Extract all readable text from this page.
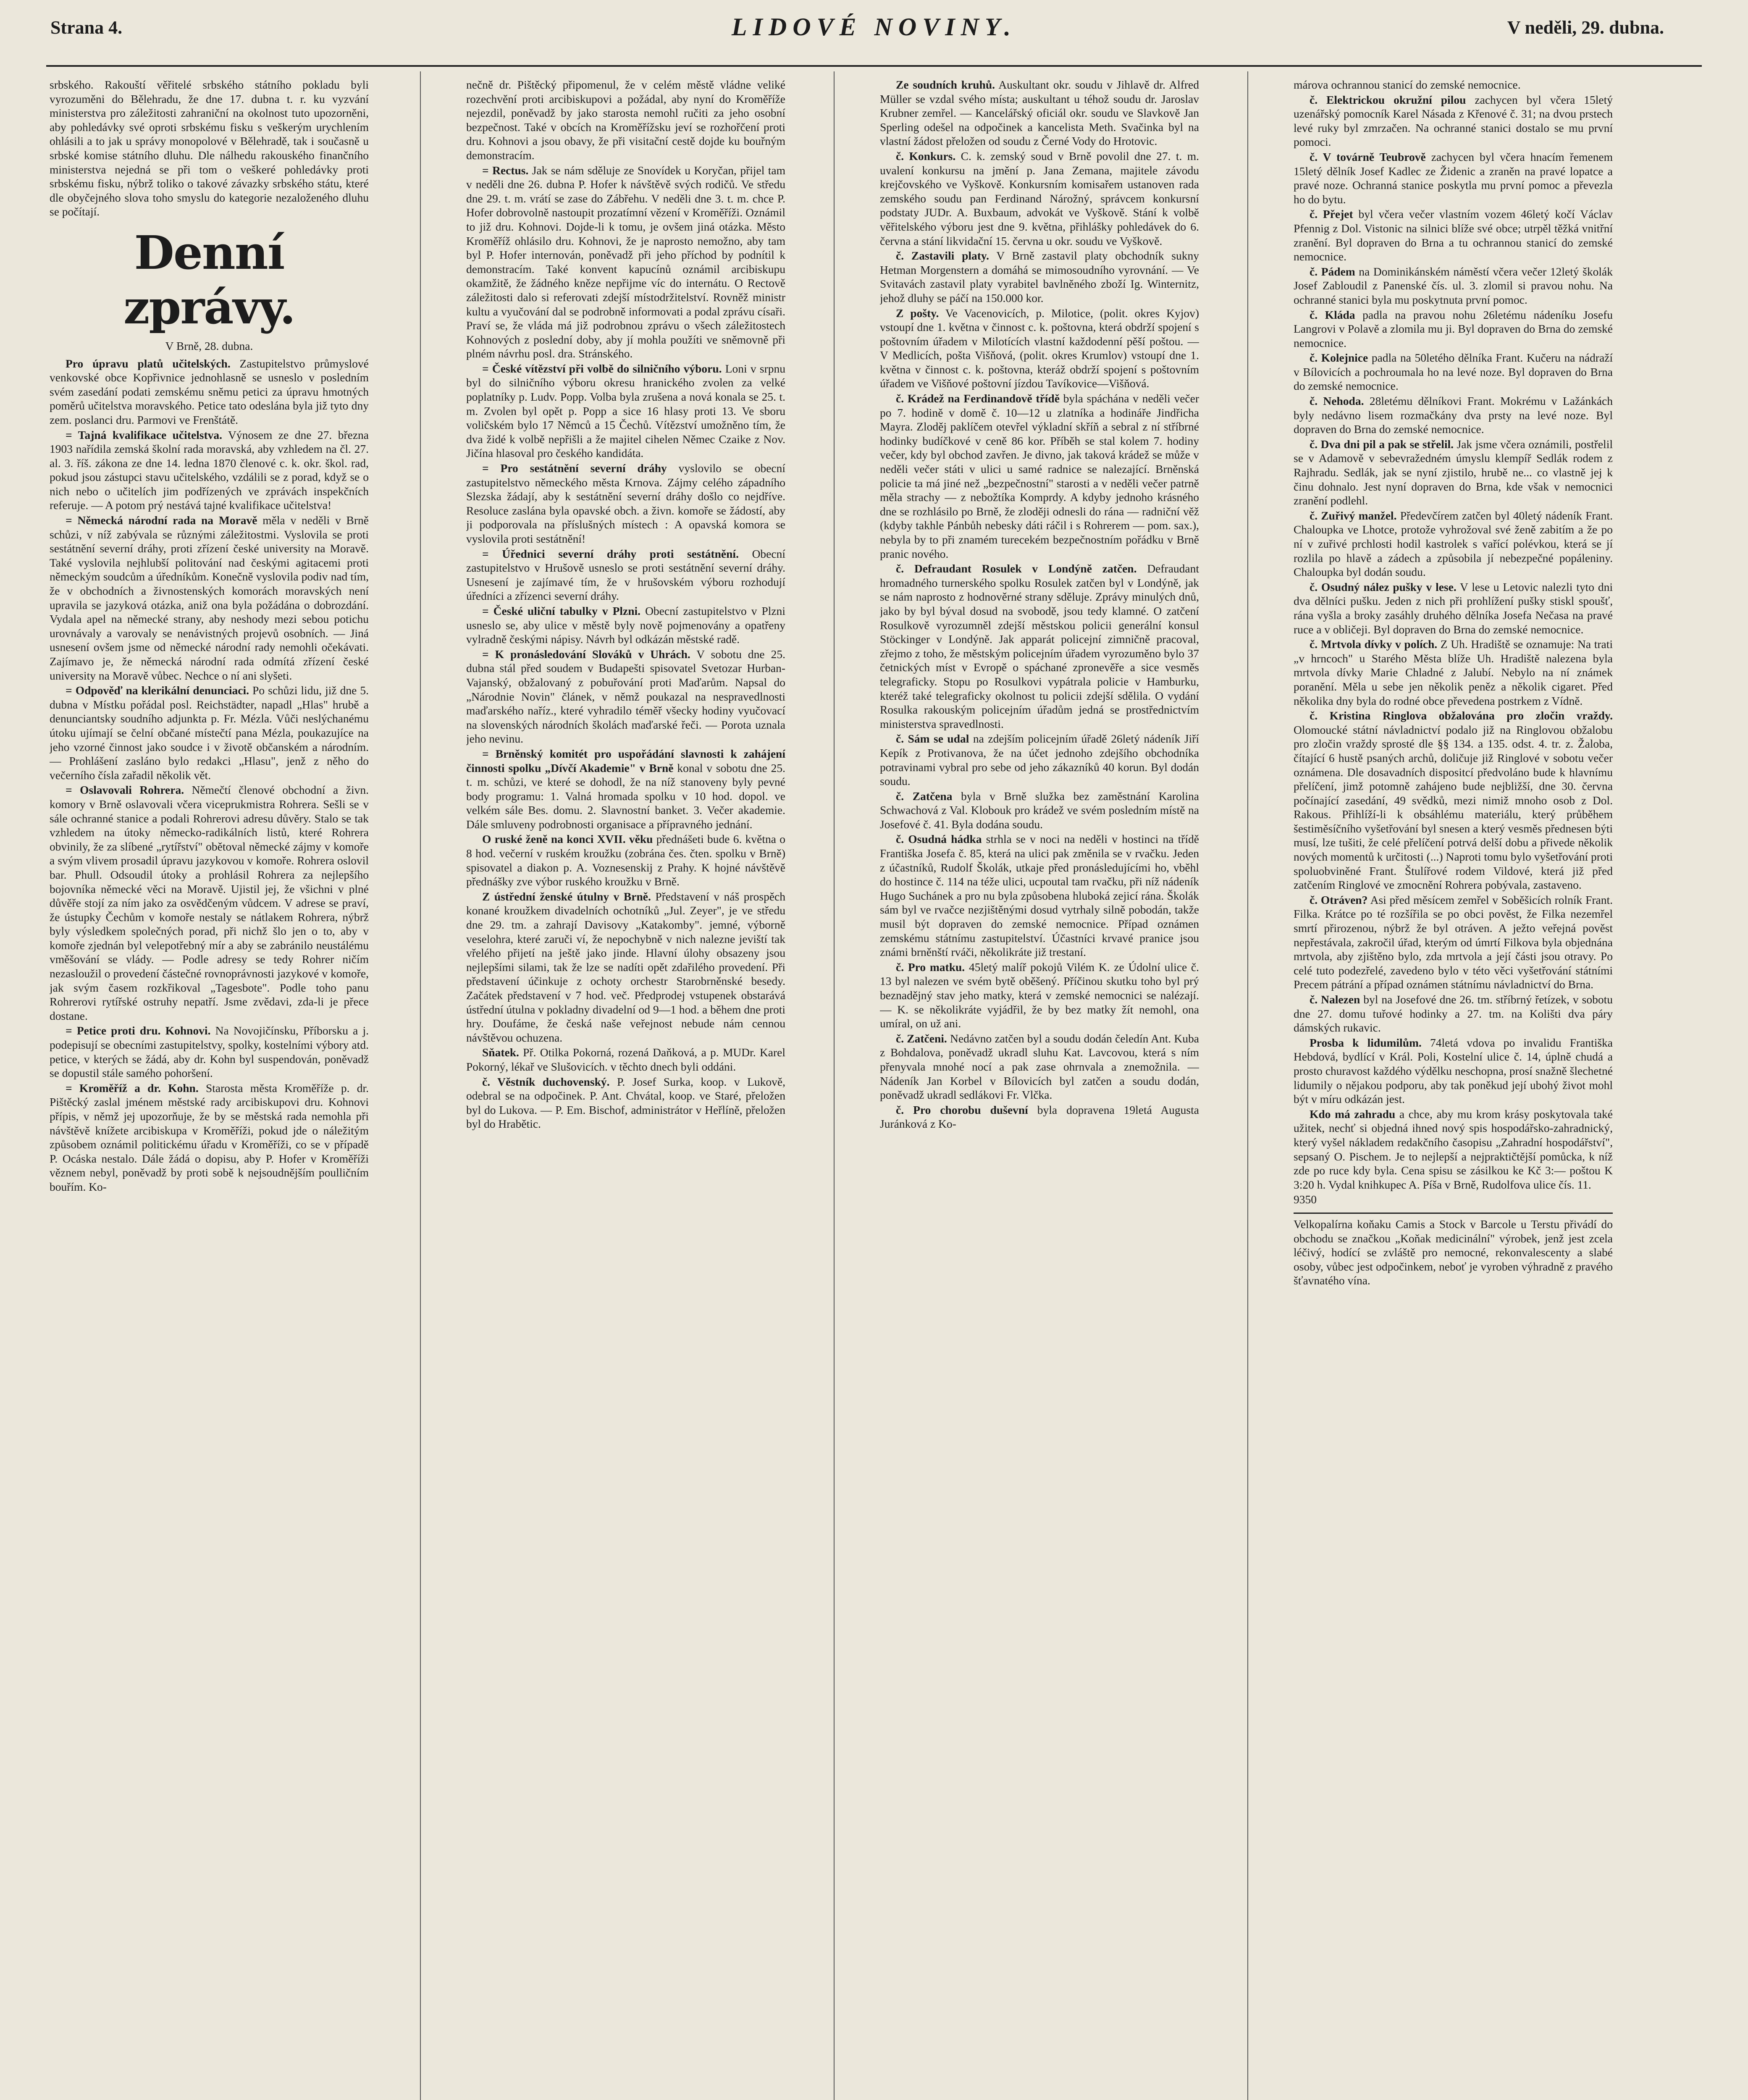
Strana 4.	LIDOVÉ NOVINY.	V neděli, 29. dubna.

srbského. Rakouští věřitelé srbského státního pokladu byli vyrozuměni do Bělehradu, že dne 17. dubna t. r. ku vyzvání ministerstva pro záležitosti zahraniční na okolnost tuto upozorněni, aby pohledávky své oproti srbskému fisku s veškerým urychlením ohlásili a to jak u správy monopolové v Bělehradě, tak i současně u srbské komise státního dluhu. Dle nálhedu rakouského finančního ministerstva nejedná se při tom o veškeré pohledávky proti srbskému fisku, nýbrž toliko o takové závazky srbského státu, které dle obyčejného slova toho smyslu do kategorie nezaloženého dluhu se počítají.

Denní zprávy.

V Brně, 28. dubna.

Pro úpravu platů učitelských. Zastupitelstvo průmyslové venkovské obce Kopřivnice jednohlasně se usneslo v posledním svém zasedání podati zemskému sněmu petici za úpravu hmotných poměrů učitelstva moravského. Petice tato odeslána byla již tyto dny zem. poslanci dru. Parmovi ve Frenštátě.

= Tajná kvalifikace učitelstva. Výnosem ze dne 27. března 1903 nařídila zemská školní rada moravská, aby vzhledem na čl. 27. al. 3. říš. zákona ze dne 14. ledna 1870 členové c. k. okr. škol. rad, pokud jsou zástupci stavu učitelského, vzdálili se z porad, když se o nich nebo o učitelích jim podřízených ve zprávách inspekčních referuje. — A potom prý nestává tajné kvalifikace učitelstva!

= Německá národní rada na Moravě měla v neděli v Brně schůzi, v níž zabývala se různými záležitostmi. Vyslovila se proti sestátnění severní dráhy, proti zřízení české university na Moravě. Také vyslovila nejhlubší politování nad českými agitacemi proti německým soudcům a úředníkům. Konečně vyslovila podiv nad tím, že v obchodních a živnostenských komorách moravských není upravila se jazyková otázka, aniž ona byla požádána o dobrozdání. Vydala apel na německé strany, aby neshody mezi sebou potichu urovnávaly a varovaly se nenávistných projevů osobních. — Jiná usnesení ovšem jsme od německé národní rady nemohli očekávati. Zajímavo je, že německá národní rada odmítá zřízení české university na Moravě vůbec. Nechce o ní ani slyšeti.

= Odpověď na klerikální denunciaci. Po schůzi lidu, již dne 5. dubna v Místku pořádal posl. Reichstädter, napadl „Hlas" hrubě a denunciantsky soudního adjunkta p. Fr. Mézla. Vůči neslýchanému útoku ujímají se čelní občané místečtí pana Mézla, poukazujíce na jeho vzorné činnost jako soudce i v životě občanském a národním. — Prohlášení zasláno bylo redakci „Hlasu", jenž z něho do večerního čísla zařadil několik vět.

= Oslavovali Rohrera. Němečtí členové obchodní a živn. komory v Brně oslavovali včera viceprukmistra Rohrera. Sešli se v sále ochranné stanice a podali Rohrerovi adresu důvěry. Stalo se tak vzhledem na útoky německo-radikálních listů, které Rohrera obvinily, že za slíbené „rytířství" obětoval německé zájmy v komoře a svým vlivem prosadil úpravu jazykovou v komoře. Rohrera oslovil bar. Phull. Odsoudil útoky a prohlásil Rohrera za nejlepšího bojovníka německé věci na Moravě. Ujistil jej, že všichni v plné důvěře stojí za ním jako za osvědčeným vůdcem. V adrese se praví, že ústupky Čechům v komoře nestaly se nátlakem Rohrera, nýbrž byly výsledkem společných porad, při nichž šlo jen o to, aby v komoře zjednán byl velepotřebný mír a aby se zabránilo neustálému vměšování se vlády. — Podle adresy se tedy Rohrer ničím nezasloužil o provedení částečné rovnoprávnosti jazykové v komoře, jak svým časem rozkřikoval „Tagesbote". Podle toho panu Rohrerovi rytířské ostruhy nepatří. Jsme zvědavi, zda-li je přece dostane.

= Petice proti dru. Kohnovi. Na Novojičínsku, Příborsku a j. podepisují se obecními zastupitelstvy, spolky, kostelními výbory atd. petice, v kterých se žádá, aby dr. Kohn byl suspendován, poněvadž se dopustil stále samého pohoršení.

= Kroměříž a dr. Kohn. Starosta města Kroměříže p. dr. Pištěcký zaslal jménem městské rady arcibiskupovi dru. Kohnovi přípis, v němž jej upozorňuje, že by se městská rada nemohla při návštěvě knížete arcibiskupa v Kroměříži, pokud jde o náležitým způsobem oznámil politickému úřadu v Kroměříži, co se v případě P. Ocáska nestalo. Dále žádá o dopisu, aby P. Hofer v Kroměříži věznem nebyl, poněvadž by proti sobě k nejsoudnějším poulličním bouřím. Ko-

nečně dr. Pištěcký připomenul, že v celém městě vládne veliké rozechvění proti arcibiskupovi a požádal, aby nyní do Kroměříže nejezdil, poněvadž by jako starosta nemohl ručiti za jeho osobní bezpečnost. Také v obcích na Kroměřížsku jeví se rozhořčení proti dru. Kohnovi a jsou obavy, že při visitační cestě dojde ku bouřným demonstracím.

= Rectus. Jak se nám sděluje ze Snovídek u Koryčan, přijel tam v neděli dne 26. dubna P. Hofer k návštěvě svých rodičů. Ve středu dne 29. t. m. vrátí se zase do Zábřehu. V neděli dne 3. t. m. chce P. Hofer dobrovolně nastoupit prozatímní vězení v Kroměříži. Oznámil to již dru. Kohnovi. Dojde-li k tomu, je ovšem jiná otázka. Město Kroměříž ohlásilo dru. Kohnovi, že je naprosto nemožno, aby tam byl P. Hofer internován, poněvadž při jeho příchod by podnítil k demonstracím. Také konvent kapucínů oznámil arcibiskupu okamžitě, že žádného kněze nepřijme víc do internátu. O Rectově záležitosti dalo si referovati zdejší místodržitelství. Rovněž ministr kultu a vyučování dal se podrobně informovati a podal zprávu císaři. Praví se, že vláda má již podrobnou zprávu o všech záležitostech Kohnových z poslední doby, aby jí mohla použíti ve sněmovně při plném návrhu posl. dra. Stránského.

= České vítězství při volbě do silničního výboru. Loni v srpnu byl do silničního výboru okresu hranického zvolen za velké poplatníky p. Ludv. Popp. Volba byla zrušena a nová konala se 25. t. m. Zvolen byl opět p. Popp a sice 16 hlasy proti 13. Ve sboru voličském bylo 17 Němců a 15 Čechů. Vítězství umožněno tím, že dva židé k volbě nepřišli a že majitel cihelen Němec Czaike z Nov. Jičína hlasoval pro českého kandidáta.

= Pro sestátnění severní dráhy vyslovilo se obecní zastupitelstvo německého města Krnova. Zájmy celého západního Slezska žádají, aby k sestátnění severní dráhy došlo co nejdříve. Resoluce zaslána byla opavské obch. a živn. komoře se žádostí, aby ji podporovala na příslušných místech : A opavská komora se vyslovila proti sestátnění!

= Úřednici severní dráhy proti sestátnění. Obecní zastupitelstvo v Hrušově usneslo se proti sestátnění severní dráhy. Usnesení je zajímavé tím, že v hrušovském výboru rozhodují úředníci a zřízenci severní dráhy.

= České uliční tabulky v Plzni. Obecní zastupitelstvo v Plzni usneslo se, aby ulice v městě byly nově pojmenovány a opatřeny vylradně českými nápisy. Návrh byl odkázán městské radě.

= K pronásledování Slováků v Uhrách. V sobotu dne 25. dubna stál před soudem v Budapešti spisovatel Svetozar Hurban-Vajanský, obžalovaný z pobuřování proti Maďarům. Napsal do „Národnie Novin" článek, v němž poukazal na nespravedlnosti maďarského naříz., které vyhradilo téměř všecky hodiny vyučovací na slovenských národních školách maďarské řeči. — Porota uznala jeho nevinu.

= Brněnský komitét pro uspořádání slavnosti k zahájení činnosti spolku „Dívčí Akademie" v Brně konal v sobotu dne 25. t. m. schůzi, ve které se dohodl, že na níž stanoveny byly pevné body programu: 1. Valná hromada spolku v 10 hod. dopol. ve velkém sále Bes. domu. 2. Slavnostní banket. 3. Večer akademie. Dále smluveny podrobnosti organisace a přípravného jednání.

O ruské ženě na konci XVII. věku přednášeti bude 6. května o 8 hod. večerní v ruském kroužku (zobrána čes. čten. spolku v Brně) spisovatel a diakon p. A. Voznesenskij z Prahy. K hojné návštěvě přednášky zve výbor ruského kroužku v Brně.

Z ústřední ženské útulny v Brně. Představení v náš prospěch konané kroužkem divadelních ochotníků „Jul. Zeyer", je ve středu dne 29. tm. a zahrají Davisovy „Katakomby". jemné, výborně veselohra, které zaruči ví, že nepochybně v nich nalezne jeviští tak vřelého přijetí na ještě jako jinde. Hlavní úlohy obsazeny jsou nejlepšími silami, tak že lze se nadíti opět zdařilého provedení. Při představení účinkuje z ochoty orchestr Starobrněnské besedy. Začátek představení v 7 hod. več. Předprodej vstupenek obstarává ústřední útulna v pokladny divadelní od 9—1 hod. a během dne proti hry. Doufáme, že česká naše veřejnost nebude nám cennou návštěvou ochuzena.

Sňatek. Př. Otilka Pokorná, rozená Daňková, a p. MUDr. Karel Pokorný, lékař ve Slušovicích. v těchto dnech byli oddáni.

č. Věstník duchovenský. P. Josef Surka, koop. v Lukově, odebral se na odpočinek. P. Ant. Chvátal, koop. ve Staré, přeložen byl do Lukova. — P. Em. Bischof, administrátor v Heřlíně, přeložen byl do Hrabětic.

Ze soudních kruhů. Auskultant okr. soudu v Jihlavě dr. Alfred Müller se vzdal svého místa; auskultant u téhož soudu dr. Jaroslav Krubner zemřel. — Kancelářský oficiál okr. soudu ve Slavkově Jan Sperling odešel na odpočinek a kancelista Meth. Svačinka byl na vlastní žádost přeložen od soudu z Černé Vody do Hrotovic.

č. Konkurs. C. k. zemský soud v Brně povolil dne 27. t. m. uvalení konkursu na jmění p. Jana Zemana, majitele závodu krejčovského ve Vyškově. Konkursním komisařem ustanoven rada zemského soudu pan Ferdinand Nárožný, správcem konkursní podstaty JUDr. A. Buxbaum, advokát ve Vyškově. Stání k volbě věřitelského výboru jest dne 9. května, přihlášky pohledávek do 6. června a stání likvidační 15. června u okr. soudu ve Vyškově.

č. Zastavili platy. V Brně zastavil platy obchodník sukny Hetman Morgenstern a domáhá se mimosoudního vyrovnání. — Ve Svitavách zastavil platy vyrabitel bavlněného zboží Ig. Winternitz, jehož dluhy se páčí na 150.000 kor.

Z pošty. Ve Vacenovicích, p. Milotice, (polit. okres Kyjov) vstoupí dne 1. května v činnost c. k. poštovna, která obdrží spojení s poštovním úřadem v Milotících vlastní každodenní pěší poštou. — V Medlicích, pošta Višňová, (polit. okres Krumlov) vstoupí dne 1. května v činnost c. k. poštovna, kteráž obdrží spojení s poštovním úřadem ve Višňové poštovní jízdou Tavíkovice—Višňová.

č. Krádež na Ferdinandově třídě byla spáchána v neděli večer po 7. hodině v domě č. 10—12 u zlatníka a hodináře Jindřicha Mayra. Zloděj paklíčem otevřel výkladní skříň a sebral z ní stříbrné hodinky budíčkové v ceně 86 kor. Příběh se stal kolem 7. hodiny večer, kdy byl obchod zavřen. Je divno, jak taková krádež se může v neděli večer státi v ulici u samé radnice se nalezající. Brněnská policie ta má jiné než „bezpečnostní" starosti a v neděli večer patrně měla strachy — z nebožtíka Komprdy. A kdyby jednoho krásného dne se rozhlásilo po Brně, že zloději odnesli do rána — radniční věž (kdyby takhle Pánbůh nebesky dáti ráčil i s Rohrerem — pom. sax.), nebyla by to při znamém turecekém bezpečnostním pořádku v Brně pranic nového.

č. Defraudant Rosulek v Londýně zatčen. Defraudant hromadného turnerského spolku Rosulek zatčen byl v Londýně, jak se nám naprosto z hodnověrné strany sděluje. Zprávy minulých dnů, jako by byl býval dosud na svobodě, jsou tedy klamné. O zatčení Rosulkově vyrozumněl zdejší městskou policii generální konsul Stöckinger v Londýně. Jak apparát policejní zimničně pracoval, zřejmo z toho, že městským policejním úřadem vyrozuměno bylo 37 četnických míst v Evropě o spáchané zpronevěře a sice vesměs telegraficky. Stopu po Rosulkovi vypátrala policie v Hamburku, kteréž také telegraficky okolnost tu policii zdejší sdělila. O vydání Rosulka rakouským policejním úřadům jedná se prostřednictvím ministerstva spravedlnosti.

č. Sám se udal na zdejším policejním úřadě 26letý nádeník Jiří Kepík z Protivanova, že na účet jednoho zdejšího obchodníka potravinami vybral pro sebe od jeho zákazníků 40 korun. Byl dodán soudu.

č. Zatčena byla v Brně služka bez zaměstnání Karolina Schwachová z Val. Klobouk pro krádež ve svém posledním místě na Josefové č. 41. Byla dodána soudu.

č. Osudná hádka strhla se v noci na neděli v hostinci na třídě Františka Josefa č. 85, která na ulici pak změnila se v rvačku. Jeden z účastníků, Rudolf Školák, utkaje před pronásledujícími ho, vběhl do hostince č. 114 na téže ulici, ucpoutal tam rvačku, při níž nádeník Hugo Suchánek a pro nu byla způsobena hluboká zejicí rána. Školák sám byl ve rvačce nezjištěnými dosud vytrhaly silně pobodán, takže musil být dopraven do zemské nemocnice. Případ oznámen zemskému státnímu zastupitelství. Účastníci krvavé pranice jsou známi brněnští rváči, několikráte již trestaní.

č. Pro matku. 45letý malíř pokojů Vilém K. ze Údolní ulice č. 13 byl nalezen ve svém bytě oběšený. Příčinou skutku toho byl prý beznadějný stav jeho matky, která v zemské nemocnici se nalézají. — K. se několikráte vyjádřil, že by bez matky žít nemohl, ona umíral, on už ani.

č. Zatčeni. Nedávno zatčen byl a soudu dodán čeledín Ant. Kuba z Bohdalova, poněvadž ukradl sluhu Kat. Lavcovou, která s ním přenyvala mnohé nocí a pak zase ohrnvala a znemožnila. — Nádeník Jan Korbel v Bílovicích byl zatčen a soudu dodán, poněvadž ukradl sedlákovi Fr. Vlčka.

č. Pro chorobu duševní byla dopravena 19letá Augusta Juránková z Ko-

márova ochrannou stanicí do zemské nemocnice.

č. Elektrickou okružní pilou zachycen byl včera 15letý uzenářský pomocník Karel Násada z Křenové č. 31; na dvou prstech levé ruky byl zmrzačen. Na ochranné stanici dostalo se mu první pomoci.

č. V továrně Teubrově zachycen byl včera hnacím řemenem 15letý dělník Josef Kadlec ze Židenic a zraněn na pravé lopatce a pravé noze. Ochranná stanice poskytla mu první pomoc a převezla ho do bytu.

č. Přejet byl včera večer vlastním vozem 46letý kočí Václav Pfennig z Dol. Vistonic na silnici blíže své obce; utrpěl těžká vnitřní zranění. Byl dopraven do Brna a tu ochrannou stanicí do zemské nemocnice.

č. Pádem na Dominikánském náměstí včera večer 12letý školák Josef Zabloudil z Panenské čís. ul. 3. zlomil si pravou nohu. Na ochranné stanici byla mu poskytnuta první pomoc.

č. Kláda padla na pravou nohu 26letému nádeníku Josefu Langrovi v Polavě a zlomila mu ji. Byl dopraven do Brna do zemské nemocnice.

č. Kolejnice padla na 50letého dělníka Frant. Kučeru na nádraží v Bílovicích a pochroumala ho na levé noze. Byl dopraven do Brna do zemské nemocnice.

č. Nehoda. 28letému dělníkovi Frant. Mokrému v Lažánkách byly nedávno lisem rozmačkány dva prsty na levé noze. Byl dopraven do Brna do zemské nemocnice.

č. Dva dni pil a pak se střelil. Jak jsme včera oznámili, postřelil se v Adamově v sebevražedném úmyslu klempíř Sedlák rodem z Rajhradu. Sedlák, jak se nyní zjistilo, hrubě ne... co vlastně jej k činu dohnalo. Jest nyní dopraven do Brna, kde však v nemocnici zranění podlehl.

č. Zuřivý manžel. Předevčírem zatčen byl 40letý nádeník Frant. Chaloupka ve Lhotce, protože vyhrožoval své ženě zabitím a že po ní v zuřivé prchlosti hodil kastrolek s vařící polévkou, která se jí rozlila po hlavě a zádech a způsobila jí nebezpečné popáleniny. Chaloupka byl dodán soudu.

č. Osudný nález pušky v lese. V lese u Letovic nalezli tyto dni dva dělníci pušku. Jeden z nich při prohlížení pušky stiskl spoušť, rána vyšla a broky zasáhly druhého dělníka Josefa Nečasa na pravé ruce a v obličeji. Byl dopraven do Brna do zemské nemocnice.

č. Mrtvola dívky v polích. Z Uh. Hradiště se oznamuje: Na trati „v hrncoch" u Starého Města blíže Uh. Hradiště nalezena byla mrtvola dívky Marie Chladné z Jalubí. Nebylo na ní známek poranění. Měla u sebe jen několik peněz a několik cigaret. Před několika dny byla do rodné obce převedena postrkem z Vídně.

č. Kristina Ringlova obžalována pro zločin vraždy. Olomoucké státní návladnictví podalo již na Ringlovou obžalobu pro zločin vraždy sprosté dle §§ 134. a 135. odst. 4. tr. z. Žaloba, čítající 6 hustě psaných archů, doličuje již Ringlové v sobotu večer oznámena. Dle dosavadních dispositcí předvoláno bude k hlavnímu přelíčení, jimž potomně zahájeno bude nejbližší, dne 30. června počínající zasedání, 49 svědků, mezi nimiž mnoho osob z Dol. Rakous. Přihlíží-li k obsáhlému materiálu, který průběhem šestiměsíčního vyšetřování byl snesen a který vesměs přednesen býti musí, lze tušiti, že celé přelíčení potrvá delší dobu a přivede několik nových momentů k určitosti (...) Naproti tomu bylo vyšetřování proti spoluobviněné Frant. Štulířové rodem Vildové, která již před zatčením Ringlové ve zmocnění Rohrera pobývala, zastaveno.

č. Otráven? Asi před měsícem zemřel v Soběšicích rolník Frant. Filka. Krátce po té rozšířila se po obci pověst, že Filka nezemřel smrtí přirozenou, nýbrž že byl otráven. A ježto veřejná pověst nepřestávala, zakročil úřad, kterým od úmrtí Filkova byla objednána mrtvola, aby zjištěno bylo, zda mrtvola a její části jsou otravy. Po celé tuto podezřelé, zavedeno bylo v této věci vyšetřování státními Precem pátrání a případ oznámen státnímu návladnictví do Brna.

č. Nalezen byl na Josefové dne 26. tm. stříbrný řetízek, v sobotu dne 27. domu tuřové hodinky a 27. tm. na Kolišti dva páry dámských rukavic.

Prosba k lidumilům. 74letá vdova po invalidu Františka Hebdová, bydlící v Král. Poli, Kostelní ulice č. 14, úplně chudá a prosto churavost každého výdělku neschopna, prosí snažně šlechetné lidumily o nějakou podporu, aby tak poněkud její ubohý život mohl být v míru odkázán jest.

Kdo má zahradu a chce, aby mu krom krásy poskytovala také užitek, nechť si objedná ihned nový spis hospodářsko-zahradnický, který vyšel nákladem redakčního časopisu „Zahradní hospodářství", sepsaný O. Pischem. Je to nejlepší a nejpraktičtější pomůcka, k níž zde po ruce kdy byla. Cena spisu se zásilkou ke Kč 3:— poštou K 3:20 h. Vydal knihkupec A. Píša v Brně, Rudolfova ulice čís. 11.

9350

Velkopalírna koňaku Camis a Stock v Barcole u Terstu přivádí do obchodu se značkou „Koňak medicinální" výrobek, jenž jest zcela léčivý, hodící se zvláště pro nemocné, rekonvalescenty a slabé osoby, vůbec jest odpočinkem, neboť je vyroben výhradně z pravého šťavnatého vína.
